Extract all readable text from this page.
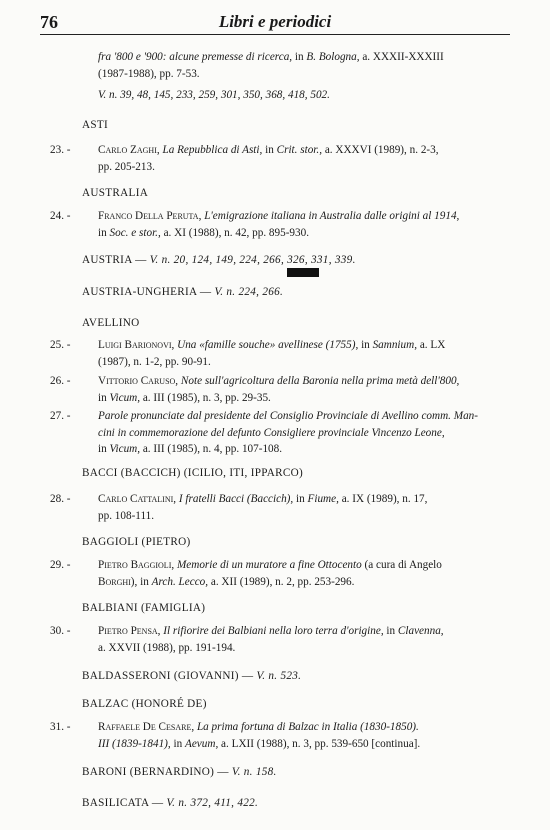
76	Libri e periodici
fra '800 e '900: alcune premesse di ricerca, in B. Bologna, a. XXXII-XXXIII
(1987-1988), pp. 7-53.
V. n. 39, 48, 145, 233, 259, 301, 350, 368, 418, 502.
ASTI
23. - Carlo Zaghi, La Repubblica di Asti, in Crit. stor., a. XXXVI (1989), n. 2-3,
pp. 205-213.
AUSTRALIA
24. - Franco Della Peruta, L'emigrazione italiana in Australia dalle origini al 1914,
in Soc. e stor., a. XI (1988), n. 42, pp. 895-930.
AUSTRIA — V. n. 20, 124, 149, 224, 266, 326, 331, 339.
AUSTRIA-UNGHERIA — V. n. 224, 266.
AVELLINO
25. - Luigi Barionovi, Una «famille souche» avellinese (1755), in Samnium, a. LX
(1987), n. 1-2, pp. 90-91.
26. - Vittorio Caruso, Note sull'agricoltura della Baronia nella prima metà dell'800,
in Vicum, a. III (1985), n. 3, pp. 29-35.
27. - Parole pronunciate dal presidente del Consiglio Provinciale di Avellino comm. Man-
cini in commemorazione del defunto Consigliere provinciale Vincenzo Leone,
in Vicum, a. III (1985), n. 4, pp. 107-108.
BACCI (BACCICH) (ICILIO, ITI, IPPARCO)
28. - Carlo Cattalini, I fratelli Bacci (Baccich), in Fiume, a. IX (1989), n. 17,
pp. 108-111.
BAGGIOLI (PIETRO)
29. - Pietro Baggioli, Memorie di un muratore a fine Ottocento (a cura di Angelo
Borghi), in Arch. Lecco, a. XII (1989), n. 2, pp. 253-296.
BALBIANI (FAMIGLIA)
30. - Pietro Pensa, Il rifiorire dei Balbiani nella loro terra d'origine, in Clavenna,
a. XXVII (1988), pp. 191-194.
BALDASSERONI (GIOVANNI) — V. n. 523.
BALZAC (HONORÉ DE)
31. - Raffaele De Cesare, La prima fortuna di Balzac in Italia (1830-1850).
III (1839-1841), in Aevum, a. LXII (1988), n. 3, pp. 539-650 [continua].
BARONI (BERNARDINO) — V. n. 158.
BASILICATA — V. n. 372, 411, 422.
